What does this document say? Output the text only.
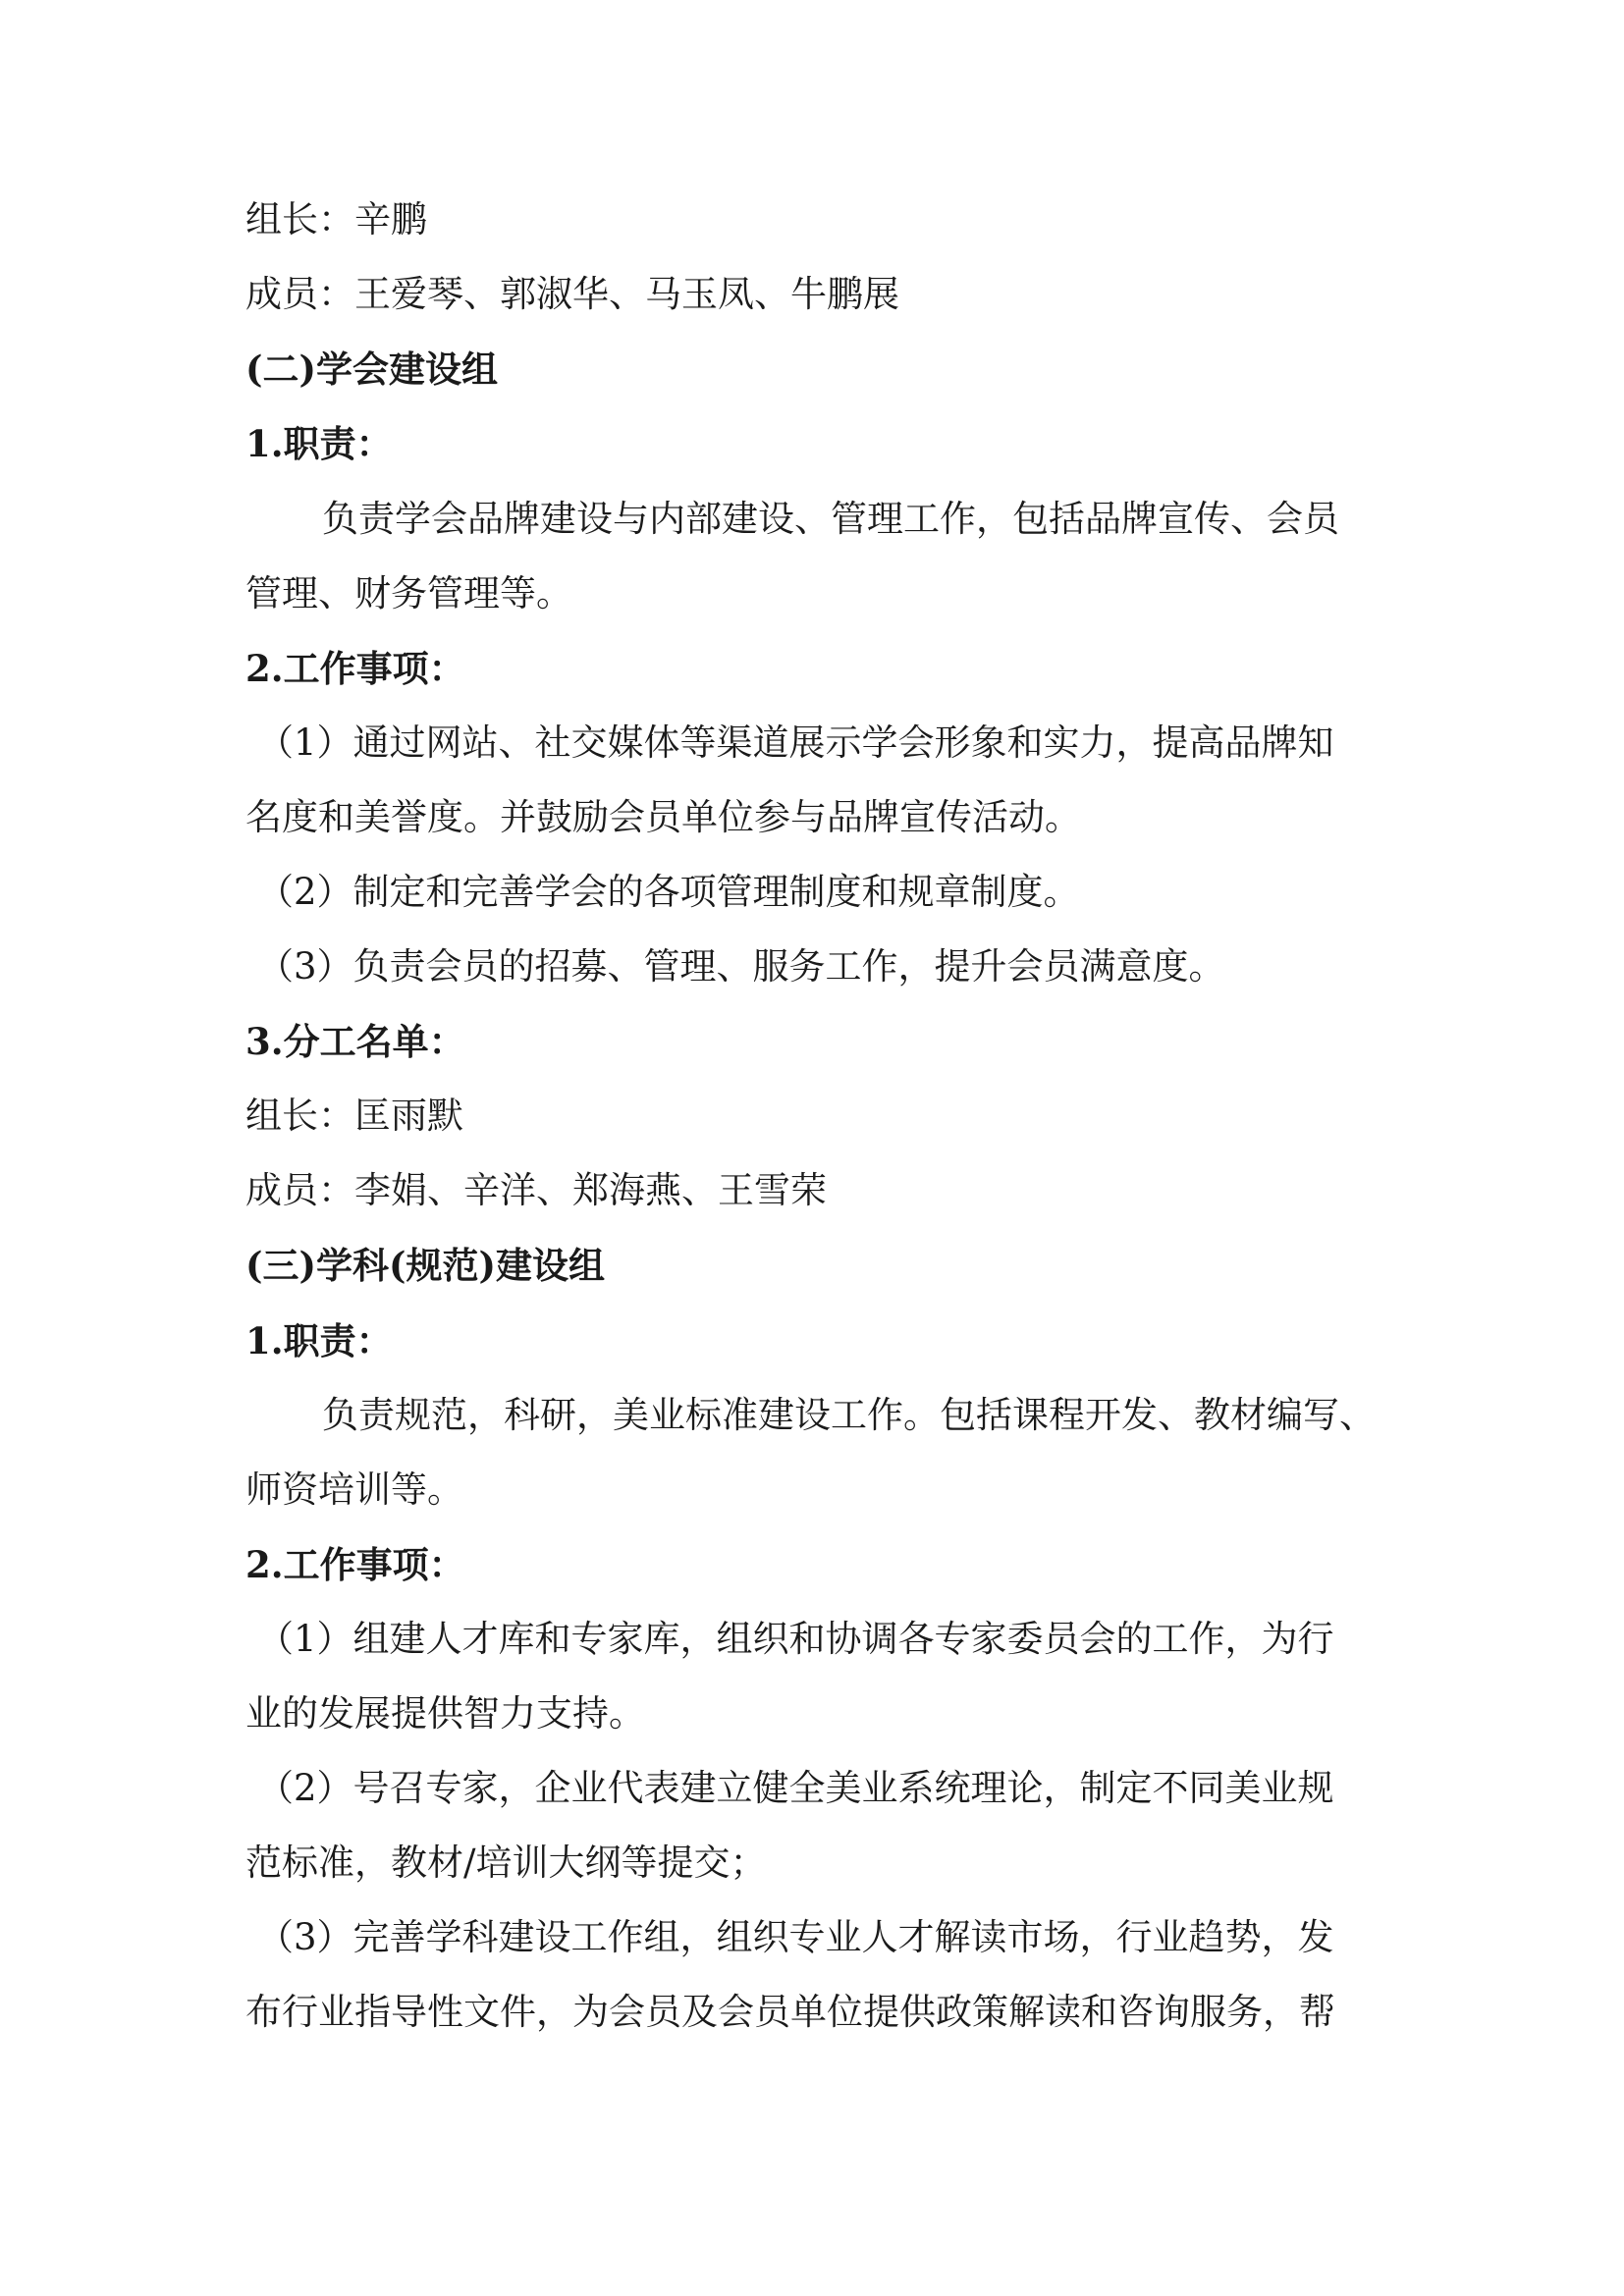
组长：辛鹏
成员：王爱琴、郭淑华、马玉凤、牛鹏展
(二)学会建设组
1.职责：
负责学会品牌建设与内部建设、管理工作，包括品牌宣传、会员
管理、财务管理等。
2.工作事项：
（1）通过网站、社交媒体等渠道展示学会形象和实力，提高品牌知
名度和美誉度。并鼓励会员单位参与品牌宣传活动。
（2）制定和完善学会的各项管理制度和规章制度。
（3）负责会员的招募、管理、服务工作，提升会员满意度。
3.分工名单：
组长：匡雨默
成员：李娟、辛洋、郑海燕、王雪荣
(三)学科(规范)建设组
1.职责：
负责规范，科研，美业标准建设工作。包括课程开发、教材编写、
师资培训等。
2.工作事项：
（1）组建人才库和专家库，组织和协调各专家委员会的工作，为行
业的发展提供智力支持。
（2）号召专家，企业代表建立健全美业系统理论，制定不同美业规
范标准，教材/培训大纲等提交；
（3）完善学科建设工作组，组织专业人才解读市场，行业趋势，发
布行业指导性文件，为会员及会员单位提供政策解读和咨询服务，帮
